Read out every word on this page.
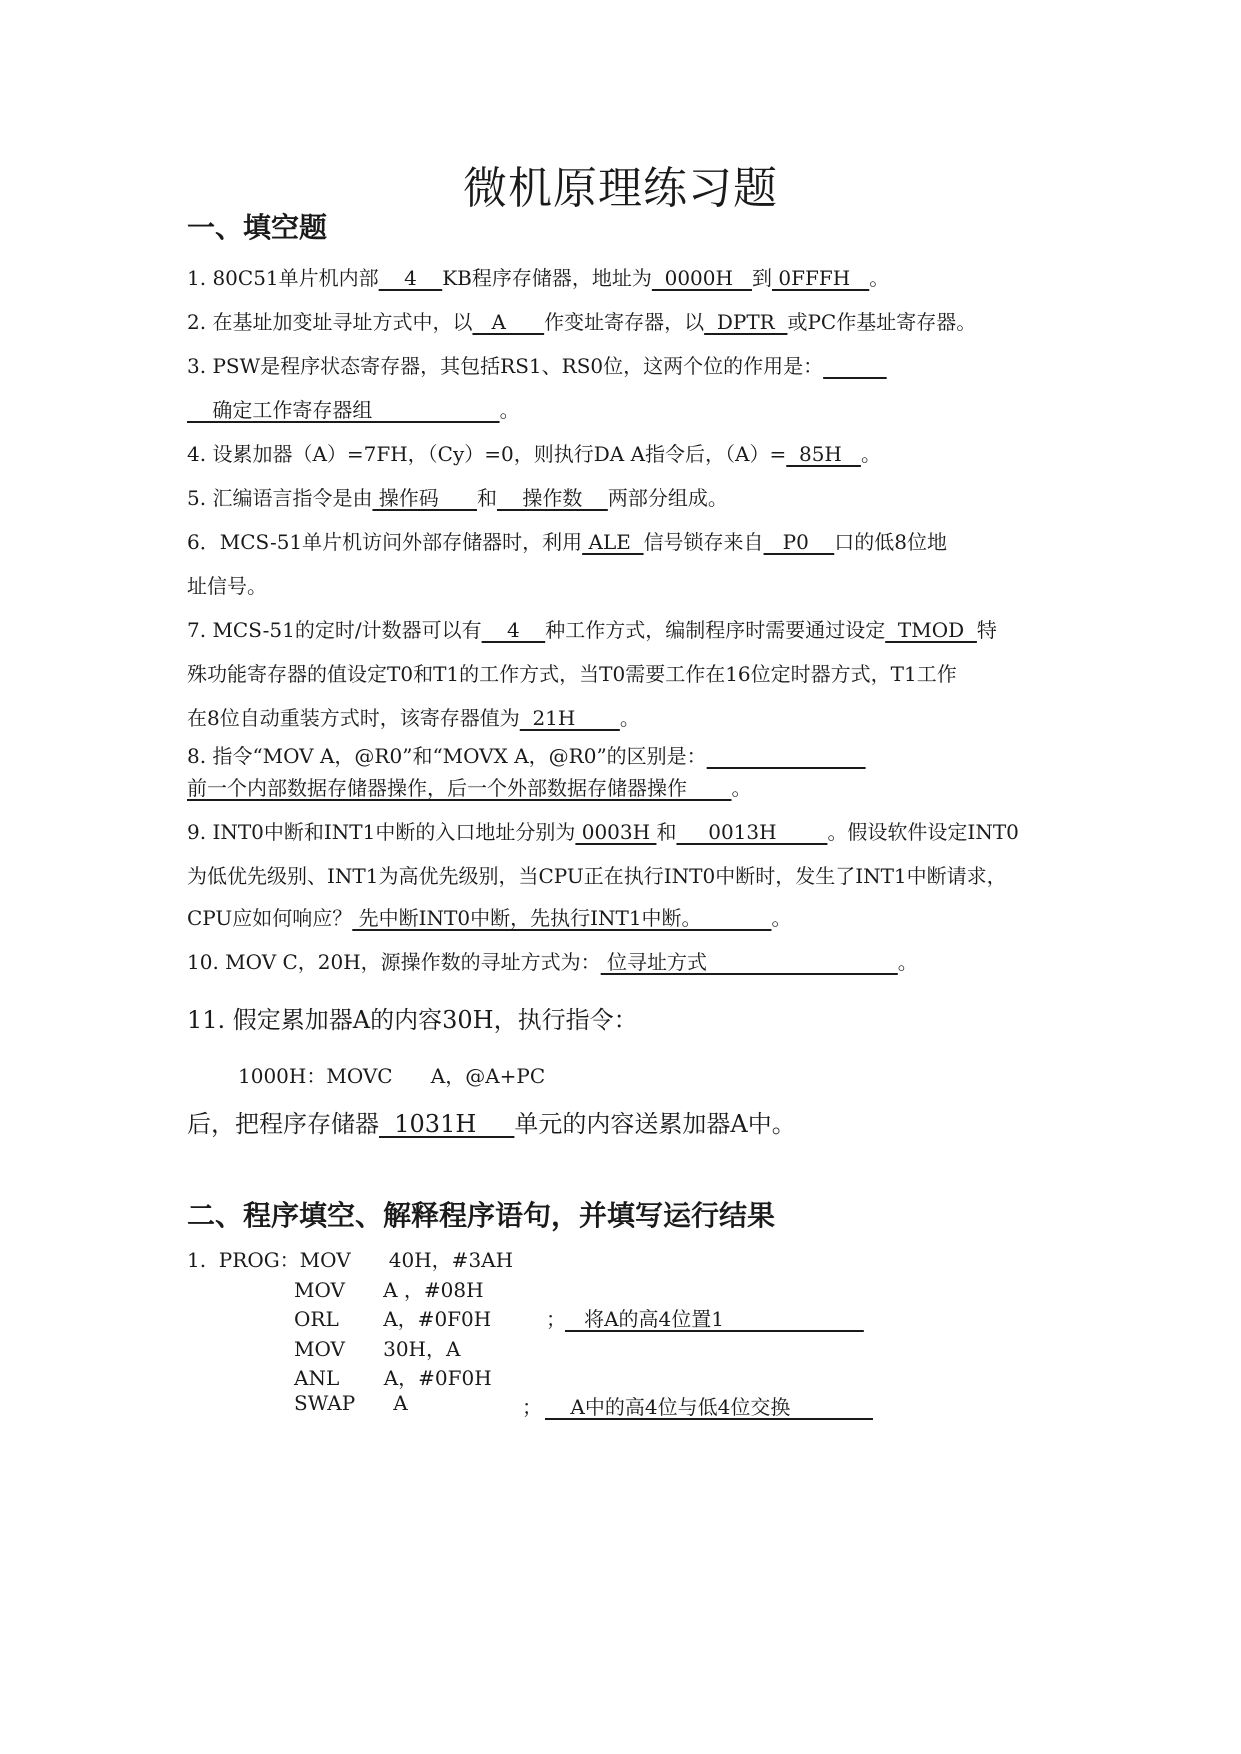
微机原理练习题
一、填空题
1. 80C51单片机内部    4    KB程序存储器，地址为  0000H   到 0FFFH   。
2. 在基址加变址寻址方式中，以   A      作变址寄存器，以  DPTR  或PC作基址寄存器。
3. PSW是程序状态寄存器，其包括RS1、RS0位，这两个位的作用是：
确定工作寄存器组                    。
4. 设累加器（A）=7FH，（Cy）=0，则执行DA A指令后，（A）=  85H   。
5. 汇编语言指令是由 操作码      和    操作数    两部分组成。
6．MCS-51单片机访问外部存储器时，利用 ALE  信号锁存来自   P0    口的低8位地
址信号。
7. MCS-51的定时/计数器可以有    4    种工作方式，编制程序时需要通过设定  TMOD  特
殊功能寄存器的值设定T0和T1的工作方式，当T0需要工作在16位定时器方式，T1工作
在8位自动重装方式时，该寄存器值为  21H       。
8. 指令“MOV A，@R0”和“MOVX A，@R0”的区别是：
前一个内部数据存储器操作，后一个外部数据存储器操作       。
9. INT0中断和INT1中断的入口地址分别为 0003H 和     0013H        。假设软件设定INT0
为低优先级别、INT1为高优先级别，当CPU正在执行INT0中断时，发生了INT1中断请求，
CPU应如何响应？ 先中断INT0中断，先执行INT1中断。           。
10. MOV C，20H，源操作数的寻址方式为： 位寻址方式                              。
11. 假定累加器A的内容30H，执行指令：
1000H：MOVC      A，@A+PC
后，把程序存储器  1031H     单元的内容送累加器A中。
二、程序填空、解释程序语句，并填写运行结果
1.  PROG：MOV      40H，#3AH
MOV      A ，#08H
ORL       A，#0F0H	； 将A的高4位置1
MOV      30H，A
ANL       A，#0F0H
SWAP      A	； A中的高4位与低4位交换
